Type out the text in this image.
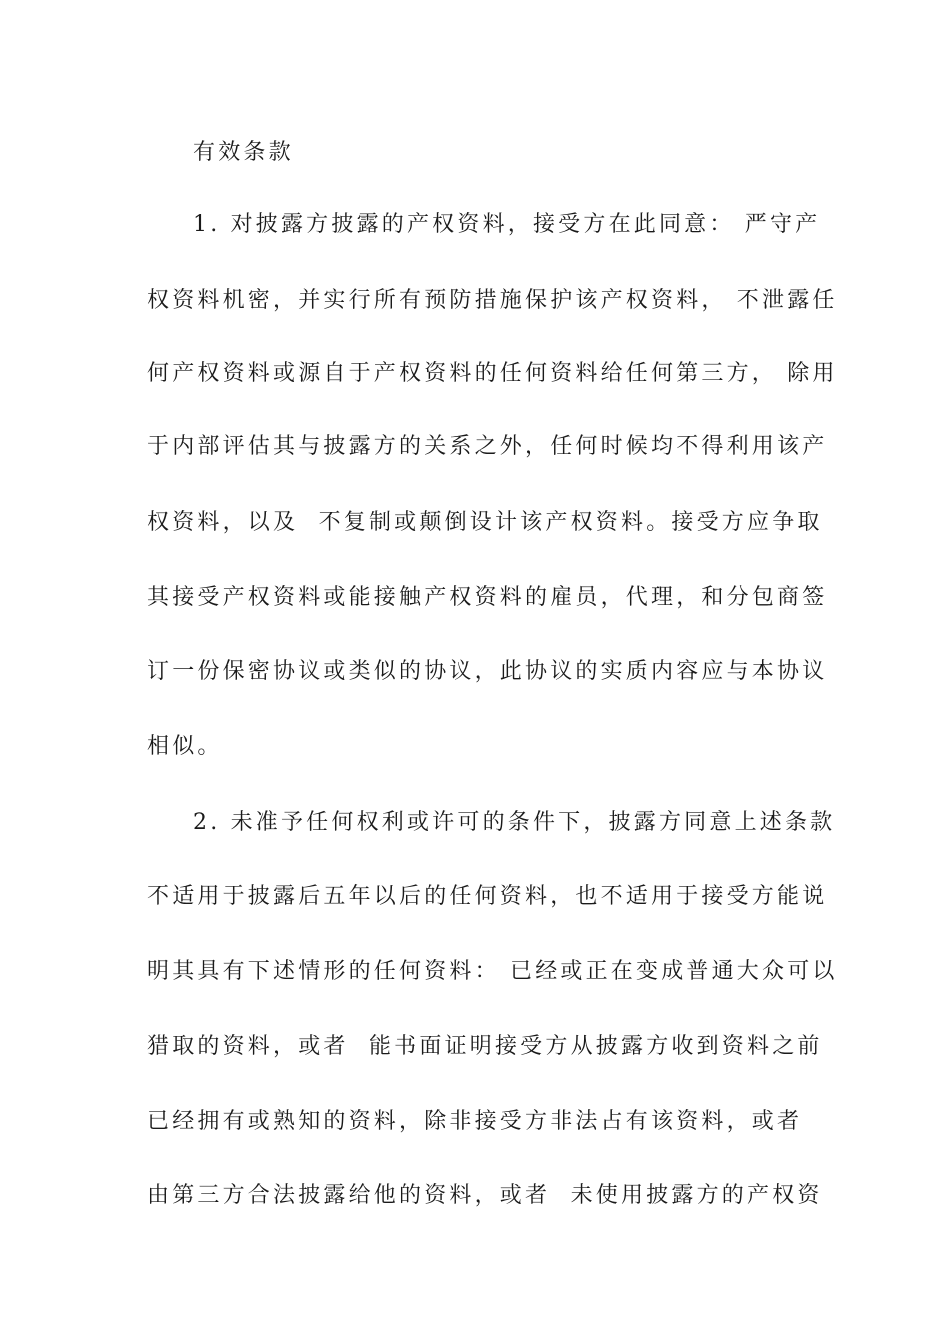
有效条款
1. 对披露方披露的产权资料，接受方在此同意： 严守产
权资料机密，并实行所有预防措施保护该产权资料， 不泄露任
何产权资料或源自于产权资料的任何资料给任何第三方， 除用
于内部评估其与披露方的关系之外，任何时候均不得利用该产
权资料，以及  不复制或颠倒设计该产权资料。接受方应争取
其接受产权资料或能接触产权资料的雇员，代理，和分包商签
订一份保密协议或类似的协议，此协议的实质内容应与本协议
相似。
2. 未准予任何权利或许可的条件下，披露方同意上述条款
不适用于披露后五年以后的任何资料，也不适用于接受方能说
明其具有下述情形的任何资料： 已经或正在变成普通大众可以
猎取的资料，或者  能书面证明接受方从披露方收到资料之前
已经拥有或熟知的资料，除非接受方非法占有该资料，或者
由第三方合法披露给他的资料，或者  未使用披露方的产权资
